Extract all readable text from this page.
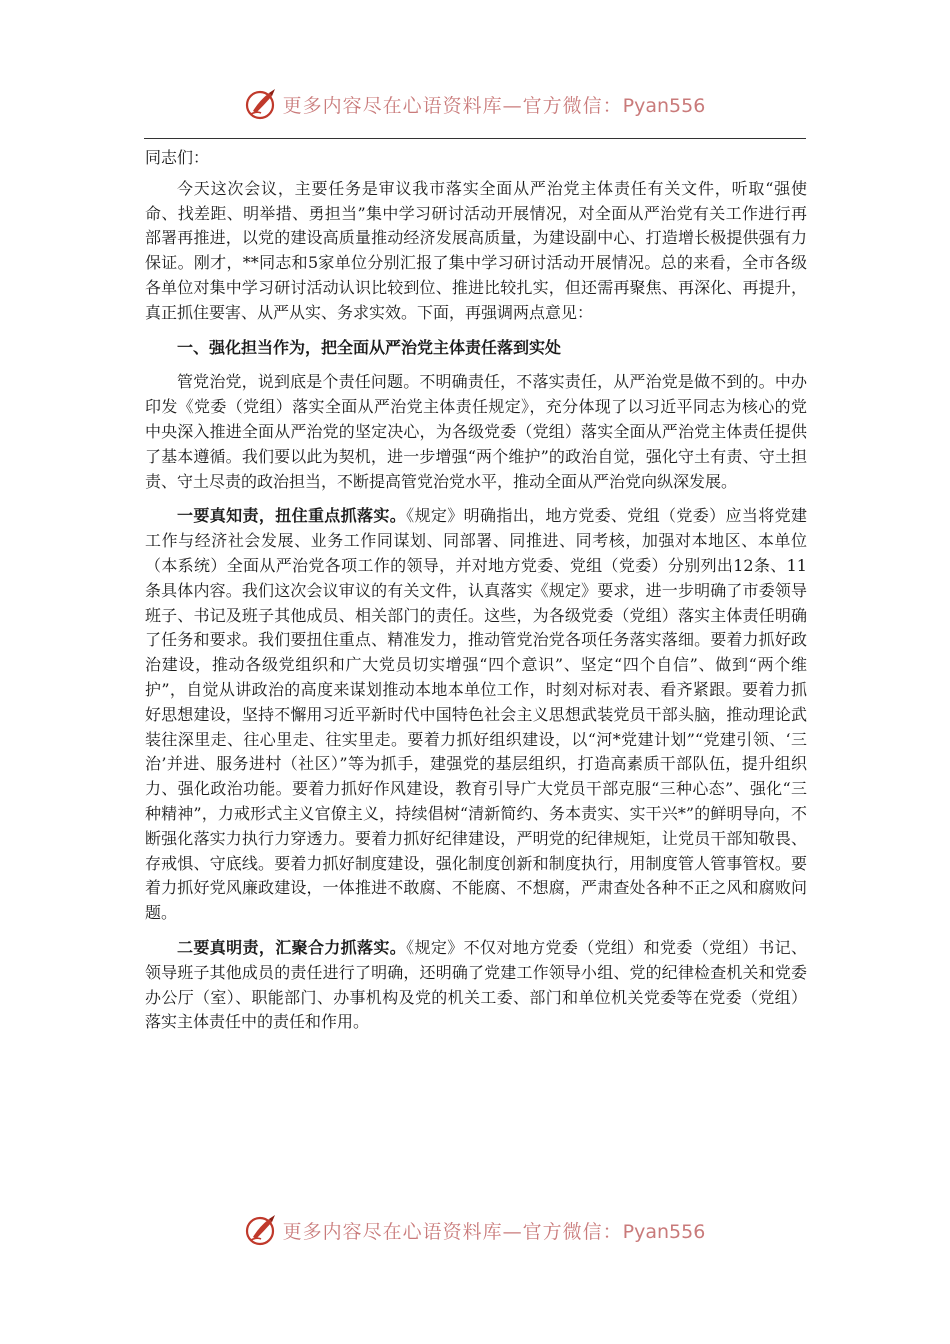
更多内容尽在心语资料库—官方微信：Pyan556

同志们：

今天这次会议，主要任务是审议我市落实全面从严治党主体责任有关文件，听取“强使命、找差距、明举措、勇担当”集中学习研讨活动开展情况，对全面从严治党有关工作进行再部署再推进，以党的建设高质量推动经济发展高质量，为建设副中心、打造增长极提供强有力保证。刚才，**同志和5家单位分别汇报了集中学习研讨活动开展情况。总的来看，全市各级各单位对集中学习研讨活动认识比较到位、推进比较扎实，但还需再聚焦、再深化、再提升，真正抓住要害、从严从实、务求实效。下面，再强调两点意见：

一、强化担当作为，把全面从严治党主体责任落到实处

管党治党，说到底是个责任问题。不明确责任，不落实责任，从严治党是做不到的。中办印发《党委（党组）落实全面从严治党主体责任规定》，充分体现了以习近平同志为核心的党中央深入推进全面从严治党的坚定决心，为各级党委（党组）落实全面从严治党主体责任提供了基本遵循。我们要以此为契机，进一步增强“两个维护”的政治自觉，强化守土有责、守土担责、守土尽责的政治担当，不断提高管党治党水平，推动全面从严治党向纵深发展。

一要真知责，扭住重点抓落实。《规定》明确指出，地方党委、党组（党委）应当将党建工作与经济社会发展、业务工作同谋划、同部署、同推进、同考核，加强对本地区、本单位（本系统）全面从严治党各项工作的领导，并对地方党委、党组（党委）分别列出12条、11条具体内容。我们这次会议审议的有关文件，认真落实《规定》要求，进一步明确了市委领导班子、书记及班子其他成员、相关部门的责任。这些，为各级党委（党组）落实主体责任明确了任务和要求。我们要扭住重点、精准发力，推动管党治党各项任务落实落细。要着力抓好政治建设，推动各级党组织和广大党员切实增强“四个意识”、坚定“四个自信”、做到“两个维护”，自觉从讲政治的高度来谋划推动本地本单位工作，时刻对标对表、看齐紧跟。要着力抓好思想建设，坚持不懈用习近平新时代中国特色社会主义思想武装党员干部头脑，推动理论武装往深里走、往心里走、往实里走。要着力抓好组织建设，以“河*党建计划”“党建引领、‘三治’并进、服务进村（社区）”等为抓手，建强党的基层组织，打造高素质干部队伍，提升组织力、强化政治功能。要着力抓好作风建设，教育引导广大党员干部克服“三种心态”、强化“三种精神”，力戒形式主义官僚主义，持续倡树“清新简约、务本责实、实干兴*”的鲜明导向，不断强化落实力执行力穿透力。要着力抓好纪律建设，严明党的纪律规矩，让党员干部知敬畏、存戒惧、守底线。要着力抓好制度建设，强化制度创新和制度执行，用制度管人管事管权。要着力抓好党风廉政建设，一体推进不敢腐、不能腐、不想腐，严肃查处各种不正之风和腐败问题。

二要真明责，汇聚合力抓落实。《规定》不仅对地方党委（党组）和党委（党组）书记、领导班子其他成员的责任进行了明确，还明确了党建工作领导小组、党的纪律检查机关和党委办公厅（室）、职能部门、办事机构及党的机关工委、部门和单位机关党委等在党委（党组）落实主体责任中的责任和作用。

更多内容尽在心语资料库—官方微信：Pyan556
